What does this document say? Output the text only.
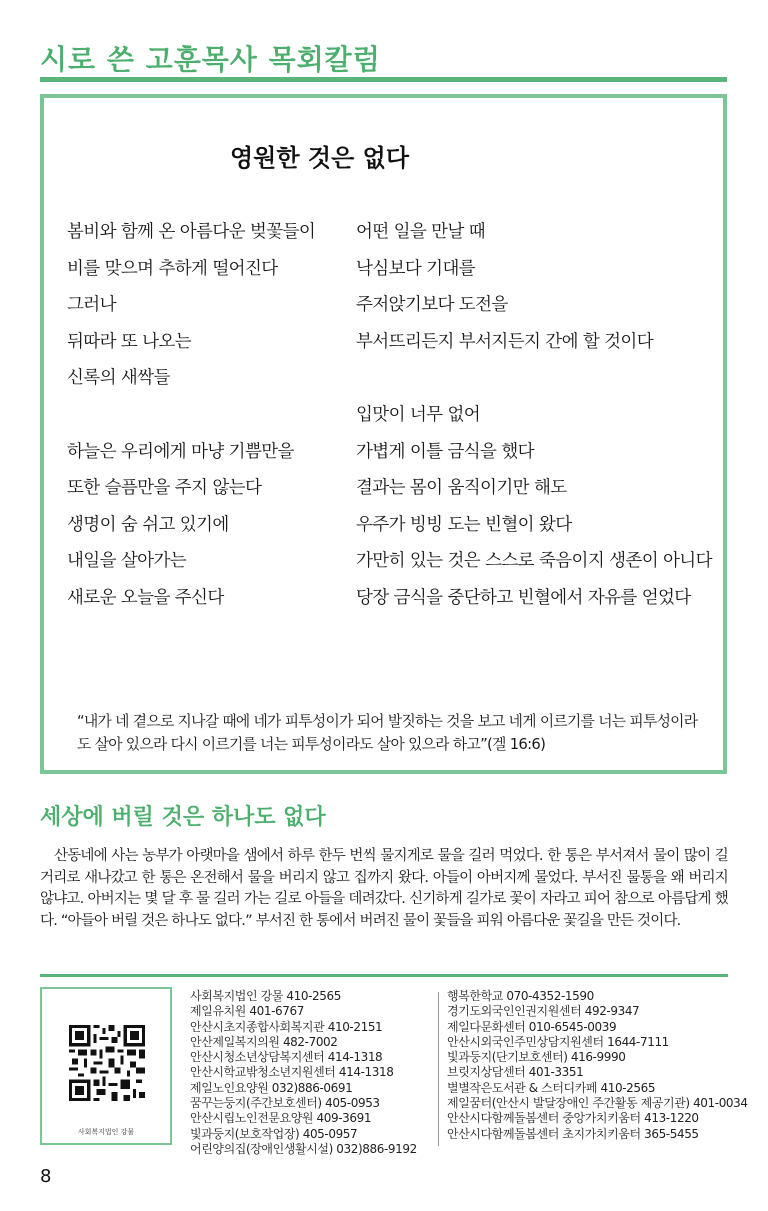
시로 쓴 고훈목사 목회칼럼
영원한 것은 없다
봄비와 함께 온 아름다운 벚꽃들이
비를 맞으며 추하게 떨어진다
그러나
뒤따라 또 나오는
신록의 새싹들
하늘은 우리에게 마냥 기쁨만을
또한 슬픔만을 주지 않는다
생명이 숨 쉬고 있기에
내일을 살아가는
새로운 오늘을 주신다
어떤 일을 만날 때
낙심보다 기대를
주저앉기보다 도전을
부서뜨리든지 부서지든지 간에 할 것이다
입맛이 너무 없어
가볍게 이틀 금식을 했다
결과는 몸이 움직이기만 해도
우주가 빙빙 도는 빈혈이 왔다
가만히 있는 것은 스스로 죽음이지 생존이 아니다
당장 금식을 중단하고 빈혈에서 자유를 얻었다
“내가 네 곁으로 지나갈 때에 네가 피투성이가 되어 발짓하는 것을 보고 네게 이르기를 너는 피투성이라도 살아 있으라 다시 이르기를 너는 피투성이라도 살아 있으라 하고”(겔 16:6)
세상에 버릴 것은 하나도 없다
산동네에 사는 농부가 아랫마을 샘에서 하루 한두 번씩 물지게로 물을 길러 먹었다. 한 통은 부서져서 물이 많이 길거리로 새나갔고 한 통은 온전해서 물을 버리지 않고 집까지 왔다. 아들이 아버지께 물었다. 부서진 물통을 왜 버리지 않냐고. 아버지는 몇 달 후 물 길러 가는 길로 아들을 데려갔다. 신기하게 길가로 꽃이 자라고 피어 참으로 아름답게 했다. “아들아 버릴 것은 하나도 없다.” 부서진 한 통에서 버려진 물이 꽃들을 피워 아름다운 꽃길을 만든 것이다.
사회복지법인 강물
사회복지법인 강물 410-2565
제일유치원 401-6767
안산시초지종합사회복지관 410-2151
안산제일복지의원 482-7002
안산시청소년상담복지센터 414-1318
안산시학교밖청소년지원센터 414-1318
제일노인요양원 032)886-0691
꿈꾸는둥지(주간보호센터) 405-0953
안산시립노인전문요양원 409-3691
빛과둥지(보호작업장) 405-0957
어린양의집(장애인생활시설) 032)886-9192
행복한학교 070-4352-1590
경기도외국인인권지원센터 492-9347
제일다문화센터 010-6545-0039
안산시외국인주민상담지원센터 1644-7111
빛과둥지(단기보호센터) 416-9990
브릿지상담센터 401-3351
별별작은도서관 & 스터디카페 410-2565
제일꿈터(안산시 발달장애인 주간활동 제공기관) 401-0034
안산시다함께돌봄센터 중앙가치키움터 413-1220
안산시다함께돌봄센터 초지가치키움터 365-5455
8
